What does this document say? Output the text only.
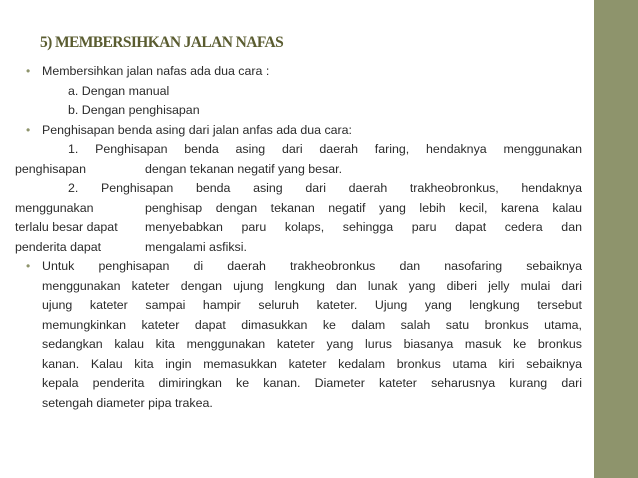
5) MEMBERSIHKAN JALAN NAFAS
• Membersihkan jalan nafas ada dua cara :
a. Dengan manual
b. Dengan penghisapan
• Penghisapan benda asing dari jalan anfas ada dua cara:
1. Penghisapan benda asing dari daerah faring, hendaknya menggunakan
penghisapan	dengan tekanan negatif yang besar.
2. Penghisapan benda asing dari daerah trakheobronkus, hendaknya
menggunakan	penghisap dengan tekanan negatif yang lebih kecil, karena kalau
terlalu besar dapat	menyebabkan paru kolaps, sehingga paru dapat cedera dan
penderita dapat	mengalami asfiksi.
• Untuk penghisapan di daerah trakheobronkus dan nasofaring sebaiknya
menggunakan kateter dengan ujung lengkung dan lunak yang diberi jelly mulai dari
ujung kateter sampai hampir seluruh kateter. Ujung yang lengkung tersebut
memungkinkan kateter dapat dimasukkan ke dalam salah satu bronkus utama,
sedangkan kalau kita menggunakan kateter yang lurus biasanya masuk ke bronkus
kanan. Kalau kita ingin memasukkan kateter kedalam bronkus utama kiri sebaiknya
kepala penderita dimiringkan ke kanan. Diameter kateter seharusnya kurang dari
setengah diameter pipa trakea.
